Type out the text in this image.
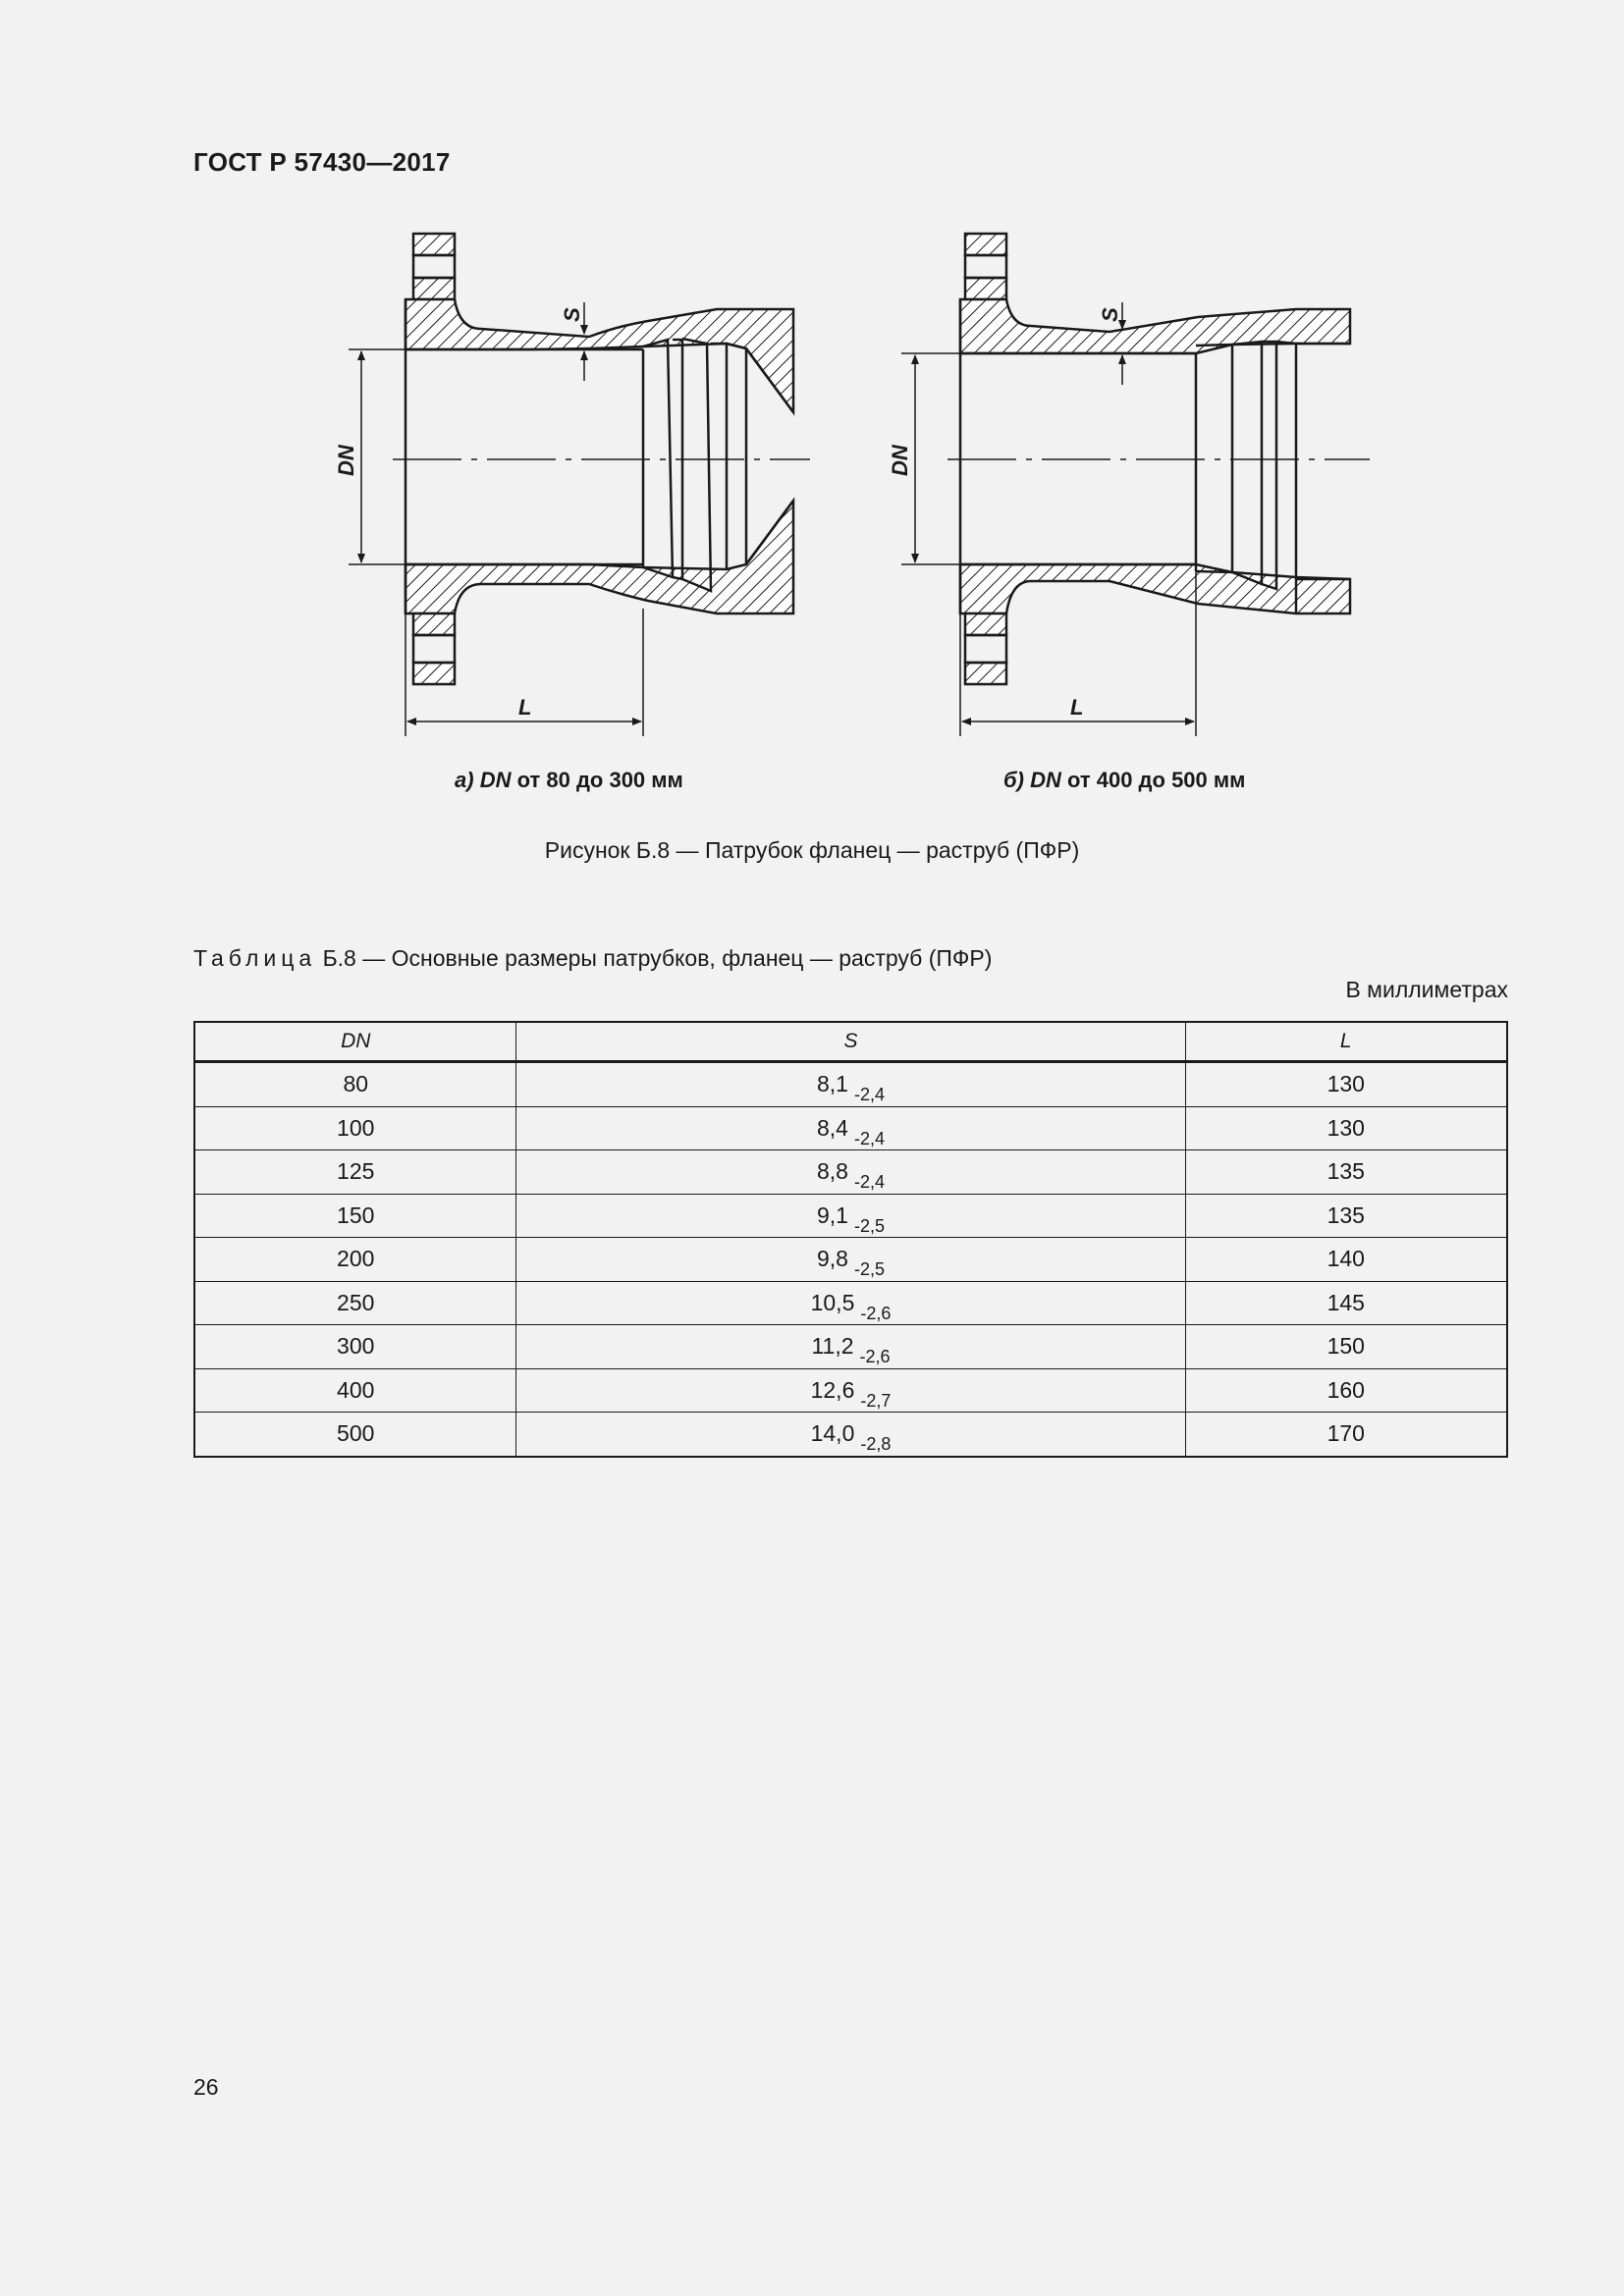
ГОСТ Р 57430—2017
DN
S
L
DN
S
L
а) DN от 80 до 300 мм	б) DN от 400 до 500 мм
Рисунок Б.8 — Патрубок фланец — раструб (ПФР)
Таблица Б.8 — Основные размеры патрубков, фланец — раструб (ПФР)
В миллиметрах
DN	S	L
80	8,1 $_{-2,4}$	130
100	8,4 $_{-2,4}$	130
125	8,8 $_{-2,4}$	135
150	9,1 $_{-2,5}$	135
200	9,8 $_{-2,5}$	140
250	10,5 $_{-2,6}$	145
300	11,2 $_{-2,6}$	150
400	12,6 $_{-2,7}$	160
500	14,0 $_{-2,8}$	170
26
